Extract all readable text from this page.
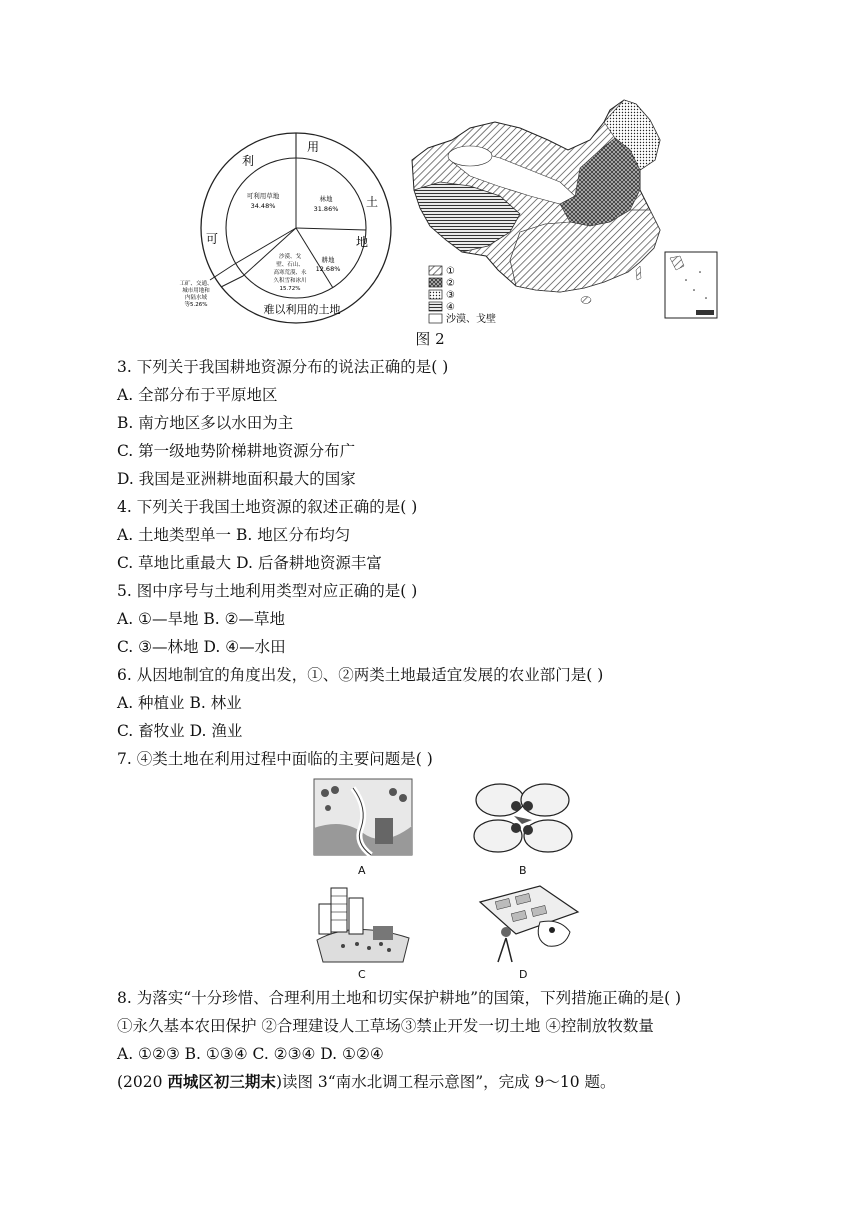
利
用
土
地
可
可利用草地
34.48%
林地
31.86%
耕地
12.68%
沙漠、戈
壁、石山、
高寒荒漠、永
久积雪和冰川
15.72%
工矿、交通、
城市用地和
内陆水域
等5.26%	难以利用的土地
①
②
③
④
沙漠、戈壁
图 2
3. 下列关于我国耕地资源分布的说法正确的是( )
A. 全部分布于平原地区
B. 南方地区多以水田为主
C. 第一级地势阶梯耕地资源分布广
D. 我国是亚洲耕地面积最大的国家
4. 下列关于我国土地资源的叙述正确的是( )
A. 土地类型单一 B. 地区分布均匀
C. 草地比重最大 D. 后备耕地资源丰富
5. 图中序号与土地利用类型对应正确的是( )
A. ①—旱地 B. ②—草地
C. ③—林地 D. ④—水田
6. 从因地制宜的角度出发，①、②两类土地最适宜发展的农业部门是( )
A. 种植业 B. 林业
C. 畜牧业 D. 渔业
7. ④类土地在利用过程中面临的主要问题是( )
A	B
C	D
8. 为落实“十分珍惜、合理利用土地和切实保护耕地”的国策，下列措施正确的是( )
①永久基本农田保护 ②合理建设人工草场③禁止开发一切土地 ④控制放牧数量
A. ①②③ B. ①③④ C. ②③④ D. ①②④
(2020 西城区初三期末)读图 3“南水北调工程示意图”，完成 9～10 题。
